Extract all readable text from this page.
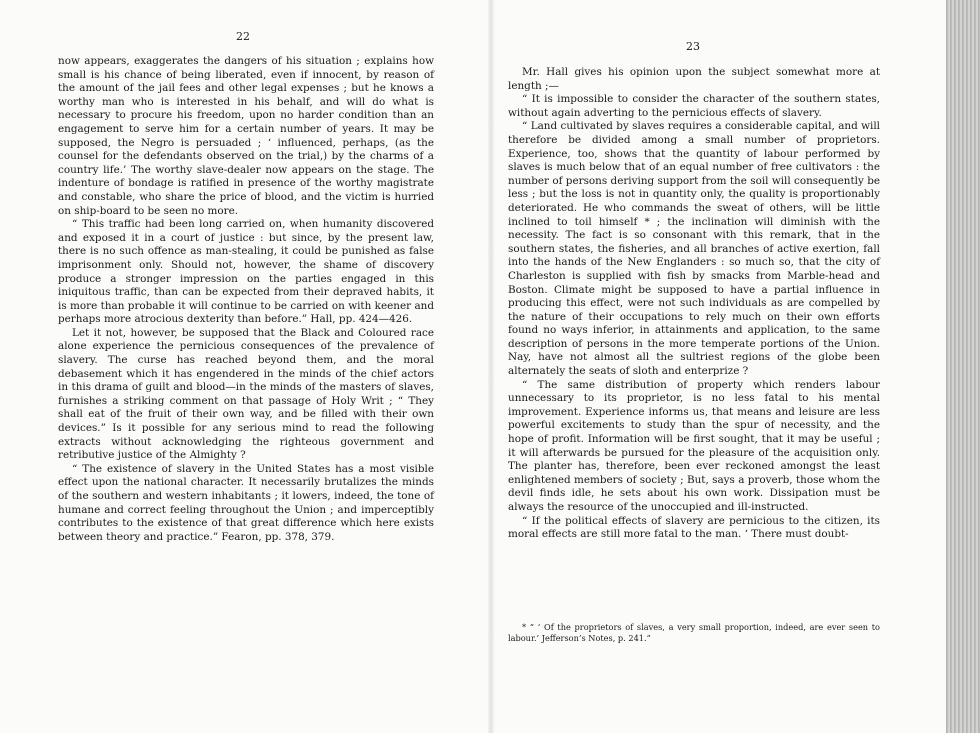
22

now appears, exaggerates the dangers of his situation ; explains how small is his chance of being liberated, even if innocent, by reason of the amount of the jail fees and other legal expenses ; but he knows a worthy man who is interested in his behalf, and will do what is necessary to procure his freedom, upon no harder condition than an engagement to serve him for a certain number of years. It may be supposed, the Negro is persuaded ; ‘ influenced, perhaps, (as the counsel for the defendants observed on the trial,) by the charms of a country life.’ The worthy slave-dealer now appears on the stage. The indenture of bondage is ratified in presence of the worthy magistrate and constable, who share the price of blood, and the victim is hurried on ship-board to be seen no more.

“ This traffic had been long carried on, when humanity discovered and exposed it in a court of justice : but since, by the present law, there is no such offence as man-stealing, it could be punished as false imprisonment only. Should not, however, the shame of discovery produce a stronger impression on the parties engaged in this iniquitous traffic, than can be expected from their depraved habits, it is more than probable it will continue to be carried on with keener and perhaps more atrocious dexterity than before.” Hall, pp. 424—426.

Let it not, however, be supposed that the Black and Coloured race alone experience the pernicious consequences of the prevalence of slavery. The curse has reached beyond them, and the moral debasement which it has engendered in the minds of the chief actors in this drama of guilt and blood—in the minds of the masters of slaves, furnishes a striking comment on that passage of Holy Writ ; “ They shall eat of the fruit of their own way, and be filled with their own devices.” Is it possible for any serious mind to read the following extracts without acknowledging the righteous government and retributive justice of the Almighty ?

“ The existence of slavery in the United States has a most visible effect upon the national character. It necessarily brutalizes the minds of the southern and western inhabitants ; it lowers, indeed, the tone of humane and correct feeling throughout the Union ; and imperceptibly contributes to the existence of that great difference which here exists between theory and practice.” Fearon, pp. 378, 379.

23

Mr. Hall gives his opinion upon the subject somewhat more at length ;—

“ It is impossible to consider the character of the southern states, without again adverting to the pernicious effects of slavery.

“ Land cultivated by slaves requires a considerable capital, and will therefore be divided among a small number of proprietors. Experience, too, shows that the quantity of labour performed by slaves is much below that of an equal number of free cultivators : the number of persons deriving support from the soil will consequently be less ; but the loss is not in quantity only, the quality is proportionably deteriorated. He who commands the sweat of others, will be little inclined to toil himself * ; the inclination will diminish with the necessity. The fact is so consonant with this remark, that in the southern states, the fisheries, and all branches of active exertion, fall into the hands of the New Englanders : so much so, that the city of Charleston is supplied with fish by smacks from Marble-head and Boston. Climate might be supposed to have a partial influence in producing this effect, were not such individuals as are compelled by the nature of their occupations to rely much on their own efforts found no ways inferior, in attainments and application, to the same description of persons in the more temperate portions of the Union. Nay, have not almost all the sultriest regions of the globe been alternately the seats of sloth and enterprize ?

“ The same distribution of property which renders labour unnecessary to its proprietor, is no less fatal to his mental improvement. Experience informs us, that means and leisure are less powerful excitements to study than the spur of necessity, and the hope of profit. Information will be first sought, that it may be useful ; it will afterwards be pursued for the pleasure of the acquisition only. The planter has, therefore, been ever reckoned amongst the least enlightened members of society ; But, says a proverb, those whom the devil finds idle, he sets about his own work. Dissipation must be always the resource of the unoccupied and ill-instructed.

“ If the political effects of slavery are pernicious to the citizen, its moral effects are still more fatal to the man. ‘ There must doubt-

* “ ‘ Of the proprietors of slaves, a very small proportion, indeed, are ever seen to labour.’ Jefferson’s Notes, p. 241.”
